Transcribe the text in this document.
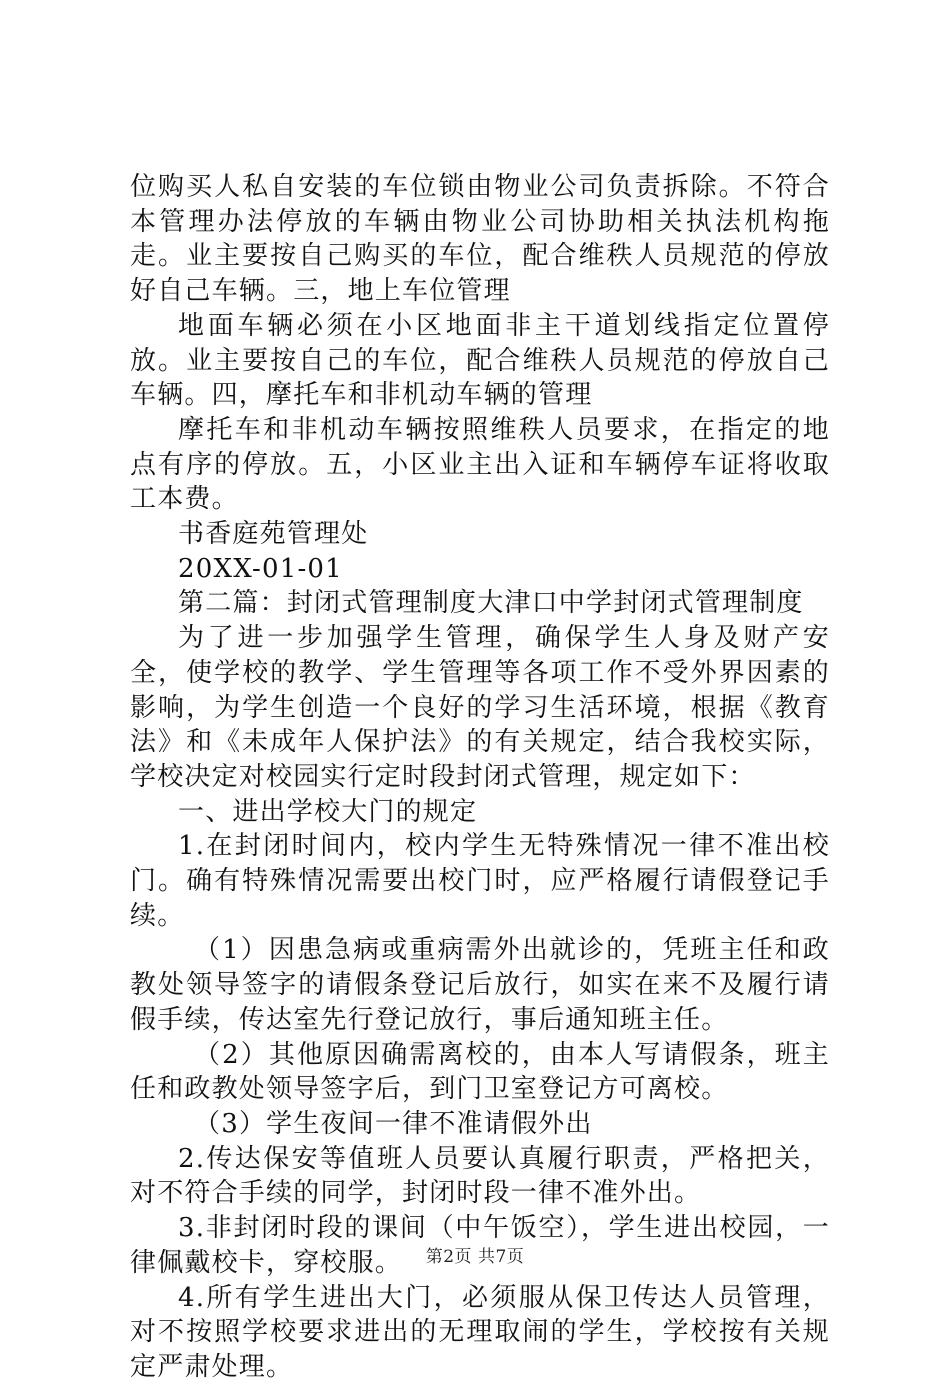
位购买人私自安装的车位锁由物业公司负责拆除。不符合本管理办法停放的车辆由物业公司协助相关执法机构拖走。业主要按自己购买的车位，配合维秩人员规范的停放好自己车辆。三，地上车位管理

地面车辆必须在小区地面非主干道划线指定位置停放。业主要按自己的车位，配合维秩人员规范的停放自己车辆。四，摩托车和非机动车辆的管理

摩托车和非机动车辆按照维秩人员要求，在指定的地点有序的停放。五，小区业主出入证和车辆停车证将收取工本费。

书香庭苑管理处

20XX-01-01

第二篇：封闭式管理制度大津口中学封闭式管理制度

为了进一步加强学生管理，确保学生人身及财产安全，使学校的教学、学生管理等各项工作不受外界因素的影响，为学生创造一个良好的学习生活环境，根据《教育法》和《未成年人保护法》的有关规定，结合我校实际，学校决定对校园实行定时段封闭式管理，规定如下：

一、进出学校大门的规定

1.在封闭时间内，校内学生无特殊情况一律不准出校门。确有特殊情况需要出校门时，应严格履行请假登记手续。

（1）因患急病或重病需外出就诊的，凭班主任和政教处领导签字的请假条登记后放行，如实在来不及履行请假手续，传达室先行登记放行，事后通知班主任。

（2）其他原因确需离校的，由本人写请假条，班主任和政教处领导签字后，到门卫室登记方可离校。

（3）学生夜间一律不准请假外出

2.传达保安等值班人员要认真履行职责，严格把关，对不符合手续的同学，封闭时段一律不准外出。

3.非封闭时段的课间（中午饭空），学生进出校园，一律佩戴校卡，穿校服。

4.所有学生进出大门，必须服从保卫传达人员管理，对不按照学校要求进出的无理取闹的学生，学校按有关规定严肃处理。

第2页 共7页
